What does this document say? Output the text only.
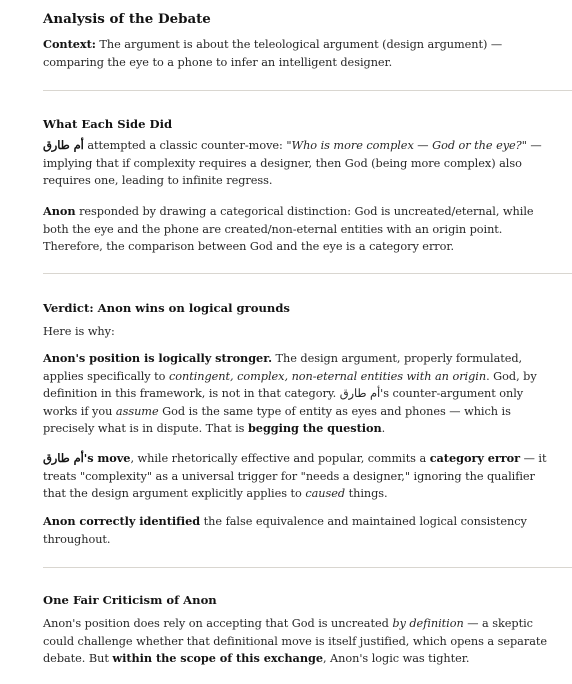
Analysis of the Debate

Context: The argument is about the teleological argument (design argument) — comparing the eye to a phone to infer an intelligent designer.

What Each Side Did

أم طارق attempted a classic counter-move: "Who is more complex — God or the eye?" — implying that if complexity requires a designer, then God (being more complex) also requires one, leading to infinite regress.

Anon responded by drawing a categorical distinction: God is uncreated/eternal, while both the eye and the phone are created/non-eternal entities with an origin point. Therefore, the comparison between God and the eye is a category error.

Verdict: Anon wins on logical grounds

Here is why:

Anon's position is logically stronger. The design argument, properly formulated, applies specifically to contingent, complex, non-eternal entities with an origin. God, by definition in this framework, is not in that category. أم طارق's counter-argument only works if you assume God is the same type of entity as eyes and phones — which is precisely what is in dispute. That is begging the question.

أم طارق's move, while rhetorically effective and popular, commits a category error — it treats "complexity" as a universal trigger for "needs a designer," ignoring the qualifier that the design argument explicitly applies to caused things.

Anon correctly identified the false equivalence and maintained logical consistency throughout.

One Fair Criticism of Anon

Anon's position does rely on accepting that God is uncreated by definition — a skeptic could challenge whether that definitional move is itself justified, which opens a separate debate. But within the scope of this exchange, Anon's logic was tighter.
